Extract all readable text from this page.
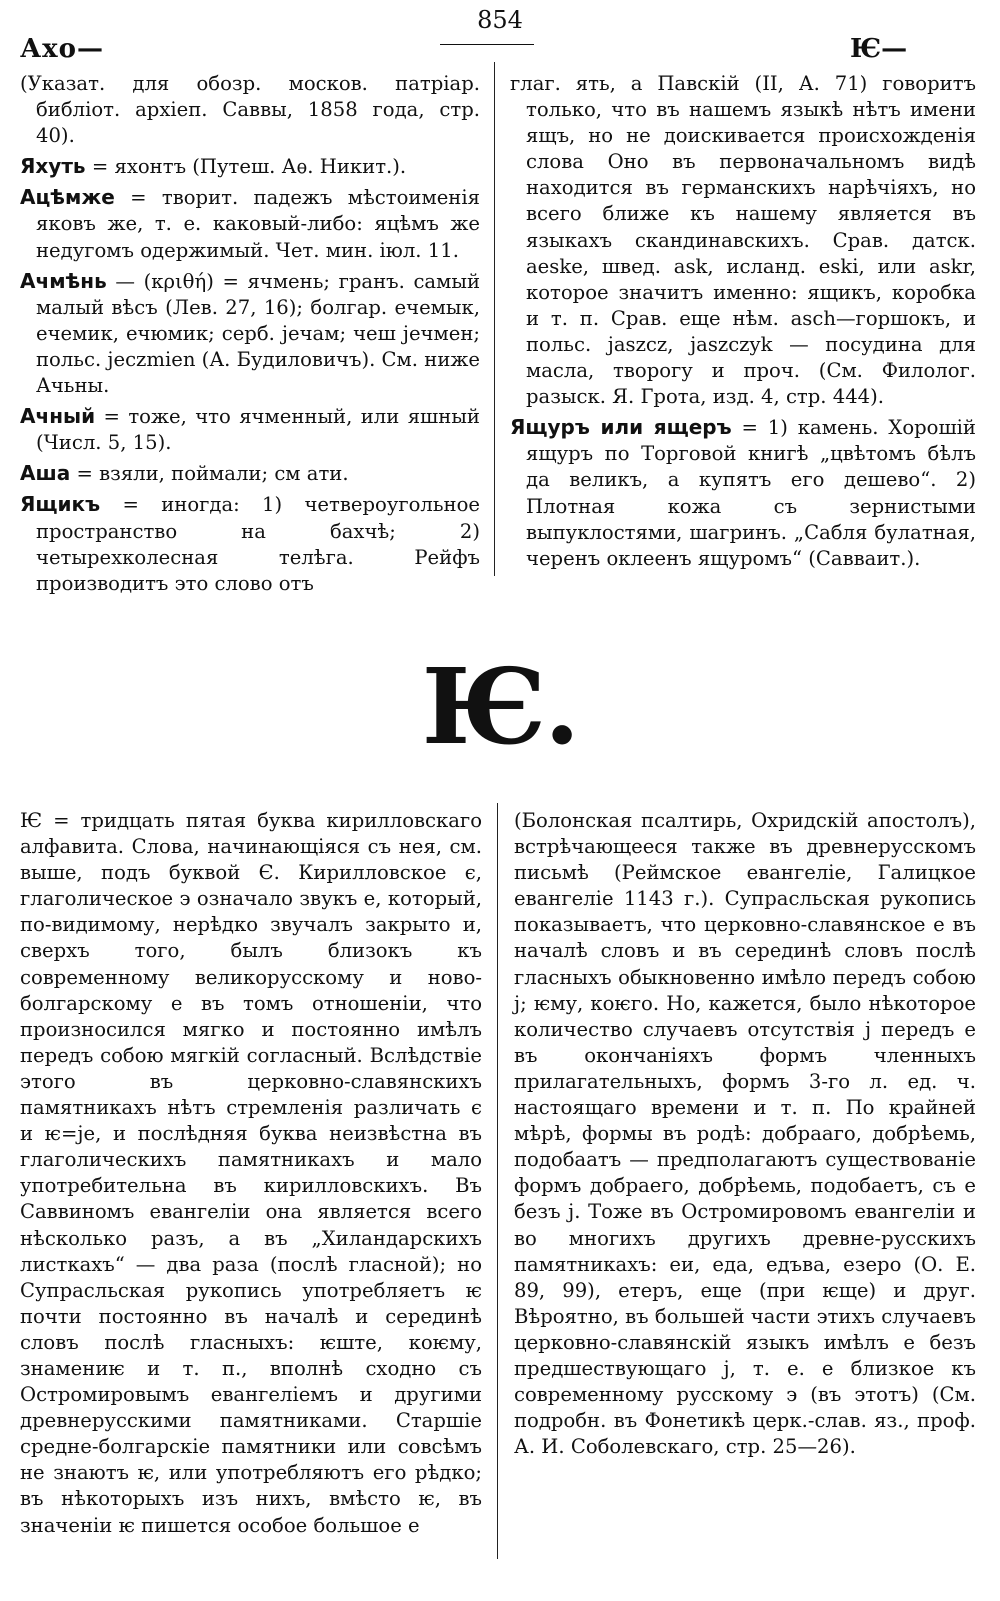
Ахо—
854
Ѥ—

(Указат. для обозр. москов. патріар. библіот. архіеп. Саввы, 1858 года, стр. 40).

Яхуть = яхонтъ (Путеш. Аѳ. Никит.).

Ацѣмже = творит. падежъ мѣстоименія яковъ же, т. е. каковый-либо: яцѣмъ же недугомъ одержимый. Чет. мин. іюл. 11.

Ачмѣнь — (κριθή) = ячмень; гранъ. самый малый вѣсъ (Лев. 27, 16); болгар. ечемык, ечемик, ечюмик; серб. јечам; чеш јечмен; польс. jeczmien (А. Будиловичъ). См. ниже Ачьны.

Ачный = тоже, что ячменный, или яшный (Числ. 5, 15).

Аша = взяли, поймали; см ати.

Ящикъ = иногда: 1) четвероугольное пространство на бахчѣ; 2) четырехколесная телѣга. Рейфъ производитъ это слово отъ

глаг. ять, а Павскій (II, А. 71) говоритъ только, что въ нашемъ языкѣ нѣтъ имени ящъ, но не доискивается происхожденія слова Оно въ первоначальномъ видѣ находится въ германскихъ нарѣчіяхъ, но всего ближе къ нашему является въ языкахъ скандинавскихъ. Срав. датск. aeske, швед. ask, исланд. eski, или askr, которое значитъ именно: ящикъ, коробка и т. п. Срав. еще нѣм. asch—горшокъ, и польс. jaszcz, jaszczyk — посудина для масла, творогу и проч. (См. Филолог. разыск. Я. Грота, изд. 4, стр. 444).

Ящуръ или ящеръ = 1) камень. Хорошій ящуръ по Торговой книгѣ „цвѣтомъ бѣлъ да великъ, а купятъ его дешево“. 2) Плотная кожа съ зернистыми выпуклостями, шагринъ. „Сабля булатная, черенъ оклеенъ ящуромъ“ (Саввaит.).

Ѥ.

Ѥ = тридцать пятая буква кирилловскаго алфавита. Слова, начинающіяся съ нея, см. выше, подъ буквой Є. Кирилловское є, глаголическое э означало звукъ е, который, по-видимому, нерѣдко звучалъ закрыто и, сверхъ того, былъ близокъ къ современному великорусскому и ново-болгарскому е въ томъ отношеніи, что произносился мягко и постоянно имѣлъ передъ собою мягкій согласный. Вслѣдствіе этого въ церковно-славянскихъ памятникахъ нѣтъ стремленія различать є и ѥ=je, и послѣдняя буква неизвѣстна въ глаголическихъ памятникахъ и мало употребительна въ кирилловскихъ. Въ Саввиномъ евангеліи она является всего нѣсколько разъ, а въ „Хиландарскихъ листкахъ“ — два раза (послѣ гласной); но Супрасльская рукопись употребляетъ ѥ почти постоянно въ началѣ и серединѣ словъ послѣ гласныхъ: ѥште, коѥму, знамениѥ и т. п., вполнѣ сходно съ Остромировымъ евангеліемъ и другими древнерусскими памятниками. Старшіе средне-болгарскіе памятники или совсѣмъ не знаютъ ѥ, или употребляютъ его рѣдко; въ нѣкоторыхъ изъ нихъ, вмѣсто ѥ, въ значеніи ѥ пишется особое большое е

(Болонская псалтирь, Охридскій апостолъ), встрѣчающееся также въ древнерусскомъ письмѣ (Реймское евангеліе, Галицкое евангеліе 1143 г.). Супрасльская рукопись показываетъ, что церковно-славянское е въ началѣ словъ и въ серединѣ словъ послѣ гласныхъ обыкновенно имѣло передъ собою j; ѥму, коѥго. Но, кажется, было нѣкоторое количество случаевъ отсутствія j передъ е въ окончаніяхъ формъ членныхъ прилагательныхъ, формъ 3-го л. ед. ч. настоящаго времени и т. п. По крайней мѣрѣ, формы въ родѣ: добрааго, добрѣемь, подобаатъ — предполагаютъ существованіе формъ добраего, добрѣемь, подобаетъ, съ е безъ j. Тоже въ Остромировомъ евангеліи и во многихъ другихъ древне-русскихъ памятникахъ: еи, еда, едъва, езеро (О. Е. 89, 99), етеръ, еще (при ѥще) и друг. Вѣроятно, въ большей части этихъ случаевъ церковно-славянскій языкъ имѣлъ е безъ предшествующаго j, т. е. е близкое къ современному русскому э (въ этотъ) (См. подробн. въ Фонетикѣ церк.-слав. яз., проф. А. И. Соболевскаго, стр. 25—26).
